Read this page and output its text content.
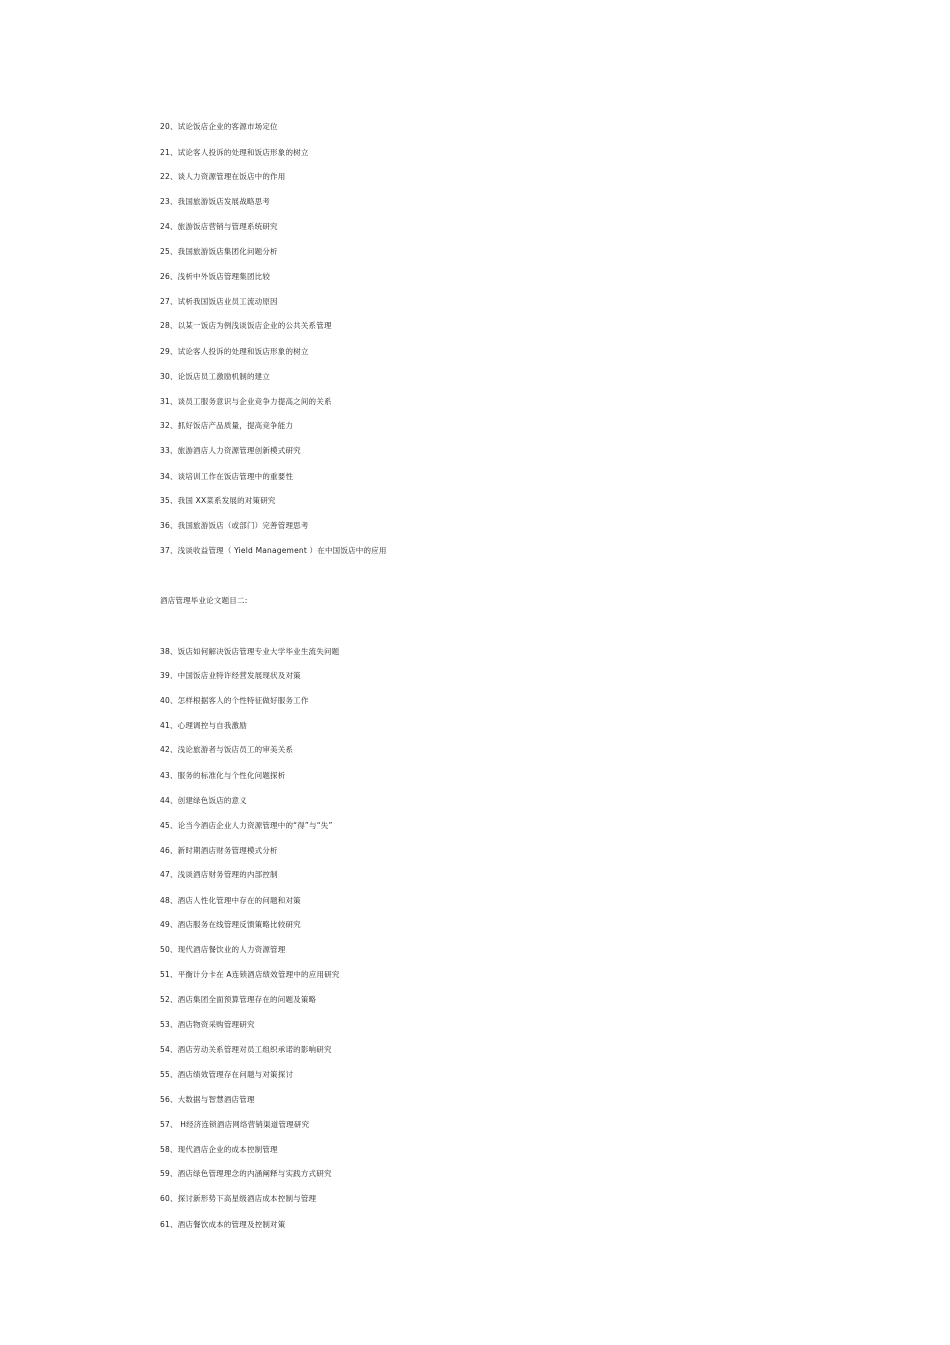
20、试论饭店企业的客源市场定位
21、试论客人投诉的处理和饭店形象的树立
22、谈人力资源管理在饭店中的作用
23、我国旅游饭店发展战略思考
24、旅游饭店营销与管理系统研究
25、我国旅游饭店集团化问题分析
26、浅析中外饭店管理集团比较
27、试析我国饭店业员工流动原因
28、以某一饭店为例浅谈饭店企业的公共关系管理
29、试论客人投诉的处理和饭店形象的树立
30、论饭店员工激励机制的建立
31、谈员工服务意识与企业竞争力提高之间的关系
32、抓好饭店产品质量，提高竞争能力
33、旅游酒店人力资源管理创新模式研究
34、谈培训工作在饭店管理中的重要性
35、我国 XX菜系发展的对策研究
36、我国旅游饭店（或部门）完善管理思考
37、浅谈收益管理（ Yield Management ）在中国饭店中的应用
酒店管理毕业论文题目二:
38、饭店如何解决饭店管理专业大学毕业生流失问题
39、中国饭店业特许经营发展现状及对策
40、怎样根据客人的个性特征做好服务工作
41、心理调控与自我激励
42、浅论旅游者与饭店员工的审美关系
43、服务的标准化与个性化问题探析
44、创建绿色饭店的意义
45、论当今酒店企业人力资源管理中的“得”与“失”
46、新时期酒店财务管理模式分析
47、浅谈酒店财务管理的内部控制
48、酒店人性化管理中存在的问题和对策
49、酒店服务在线管理反馈策略比较研究
50、现代酒店餐饮业的人力资源管理
51、平衡计分卡在 A连锁酒店绩效管理中的应用研究
52、酒店集团全面预算管理存在的问题及策略
53、酒店物资采购管理研究
54、酒店劳动关系管理对员工组织承诺的影响研究
55、酒店绩效管理存在问题与对策探讨
56、大数据与智慧酒店管理
57、 H经济连锁酒店网络营销渠道管理研究
58、现代酒店企业的成本控制管理
59、酒店绿色管理理念的内涵阐释与实践方式研究
60、探讨新形势下高星级酒店成本控制与管理
61、酒店餐饮成本的管理及控制对策
